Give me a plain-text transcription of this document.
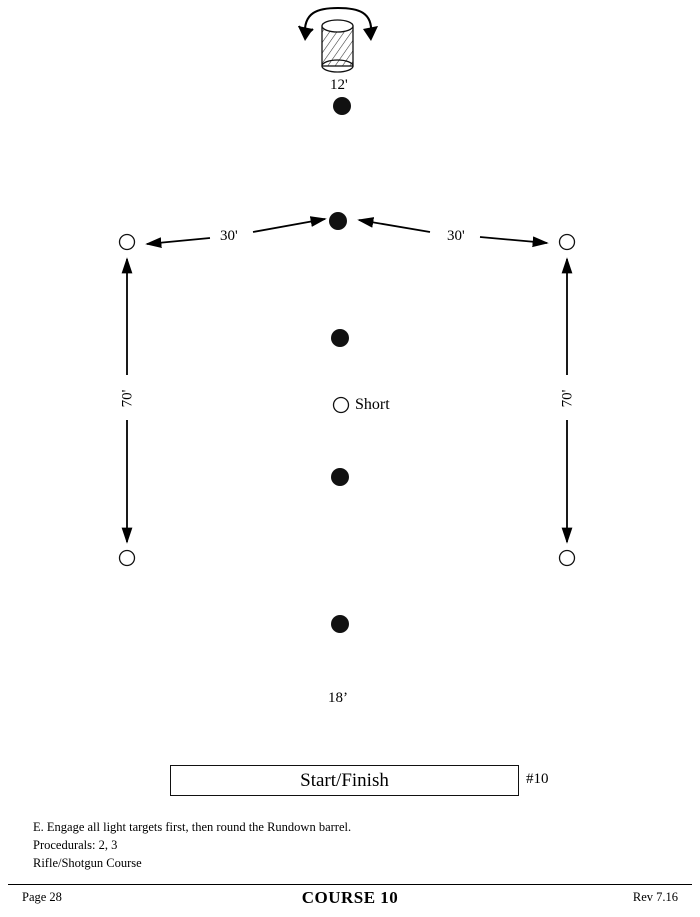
12'
30'	30'
70'	70'
Short
18’
Start/Finish	#10
E. Engage all light targets first, then round the Rundown barrel.
Procedurals: 2, 3
Rifle/Shotgun Course
Page 28	COURSE 10	Rev 7.16
